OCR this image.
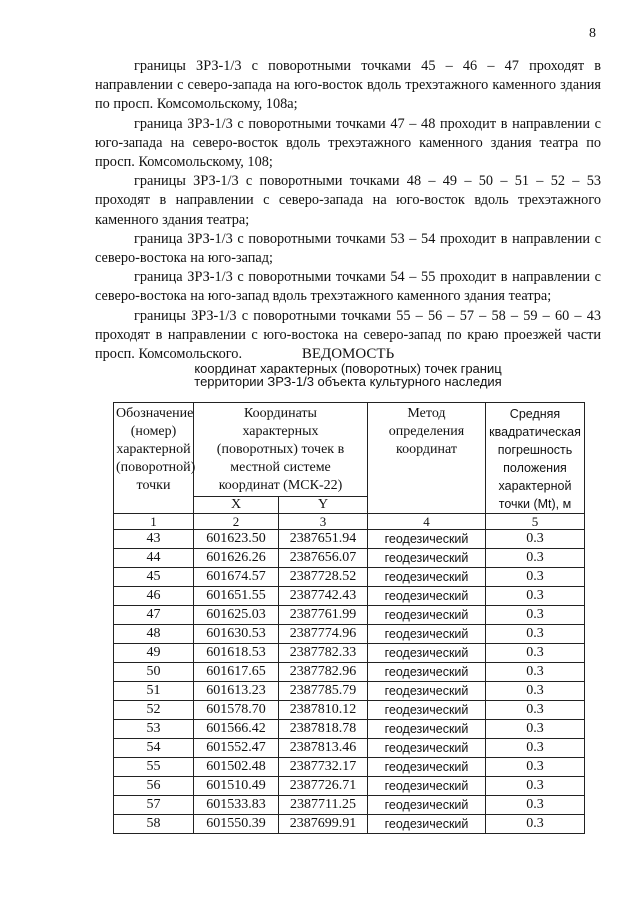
8

границы ЗРЗ-1/3 с поворотными точками 45 – 46 – 47 проходят в направлении с северо-запада на юго-восток вдоль трехэтажного каменного здания по просп. Комсомольскому, 108а;

граница ЗРЗ-1/3 с поворотными точками 47 – 48 проходит в направлении с юго-запада на северо-восток вдоль трехэтажного каменного здания театра по просп. Комсомольскому, 108;

границы ЗРЗ-1/3 с поворотными точками 48 – 49 – 50 – 51 – 52 – 53 проходят в направлении с северо-запада на юго-восток вдоль трехэтажного каменного здания театра;

граница ЗРЗ-1/3 с поворотными точками 53 – 54 проходит в направлении с северо-востока на юго-запад;

граница ЗРЗ-1/3 с поворотными точками 54 – 55 проходит в направлении с северо-востока на юго-запад вдоль трехэтажного каменного здания театра;

границы ЗРЗ-1/3 с поворотными точками 55 – 56 – 57 – 58 – 59 – 60 – 43 проходят в направлении с юго-востока на северо-запад по краю проезжей части просп. Комсомольского.	ВЕДОМОСТЬ
координат характерных (поворотных) точек границ
территории ЗРЗ-1/3 объекта культурного наследия
Обозначение (номер) характерной (поворотной) точки	Координаты характерных (поворотных) точек в местной системе координат (МСК-22)		Метод определения координат	Средняя квадратическая погрешность положения характерной точки (Mt), м
	X	Y		
1	2	3	4	5
43	601623.50	2387651.94	геодезический	0.3
44	601626.26	2387656.07	геодезический	0.3
45	601674.57	2387728.52	геодезический	0.3
46	601651.55	2387742.43	геодезический	0.3
47	601625.03	2387761.99	геодезический	0.3
48	601630.53	2387774.96	геодезический	0.3
49	601618.53	2387782.33	геодезический	0.3
50	601617.65	2387782.96	геодезический	0.3
51	601613.23	2387785.79	геодезический	0.3
52	601578.70	2387810.12	геодезический	0.3
53	601566.42	2387818.78	геодезический	0.3
54	601552.47	2387813.46	геодезический	0.3
55	601502.48	2387732.17	геодезический	0.3
56	601510.49	2387726.71	геодезический	0.3
57	601533.83	2387711.25	геодезический	0.3
58	601550.39	2387699.91	геодезический	0.3
